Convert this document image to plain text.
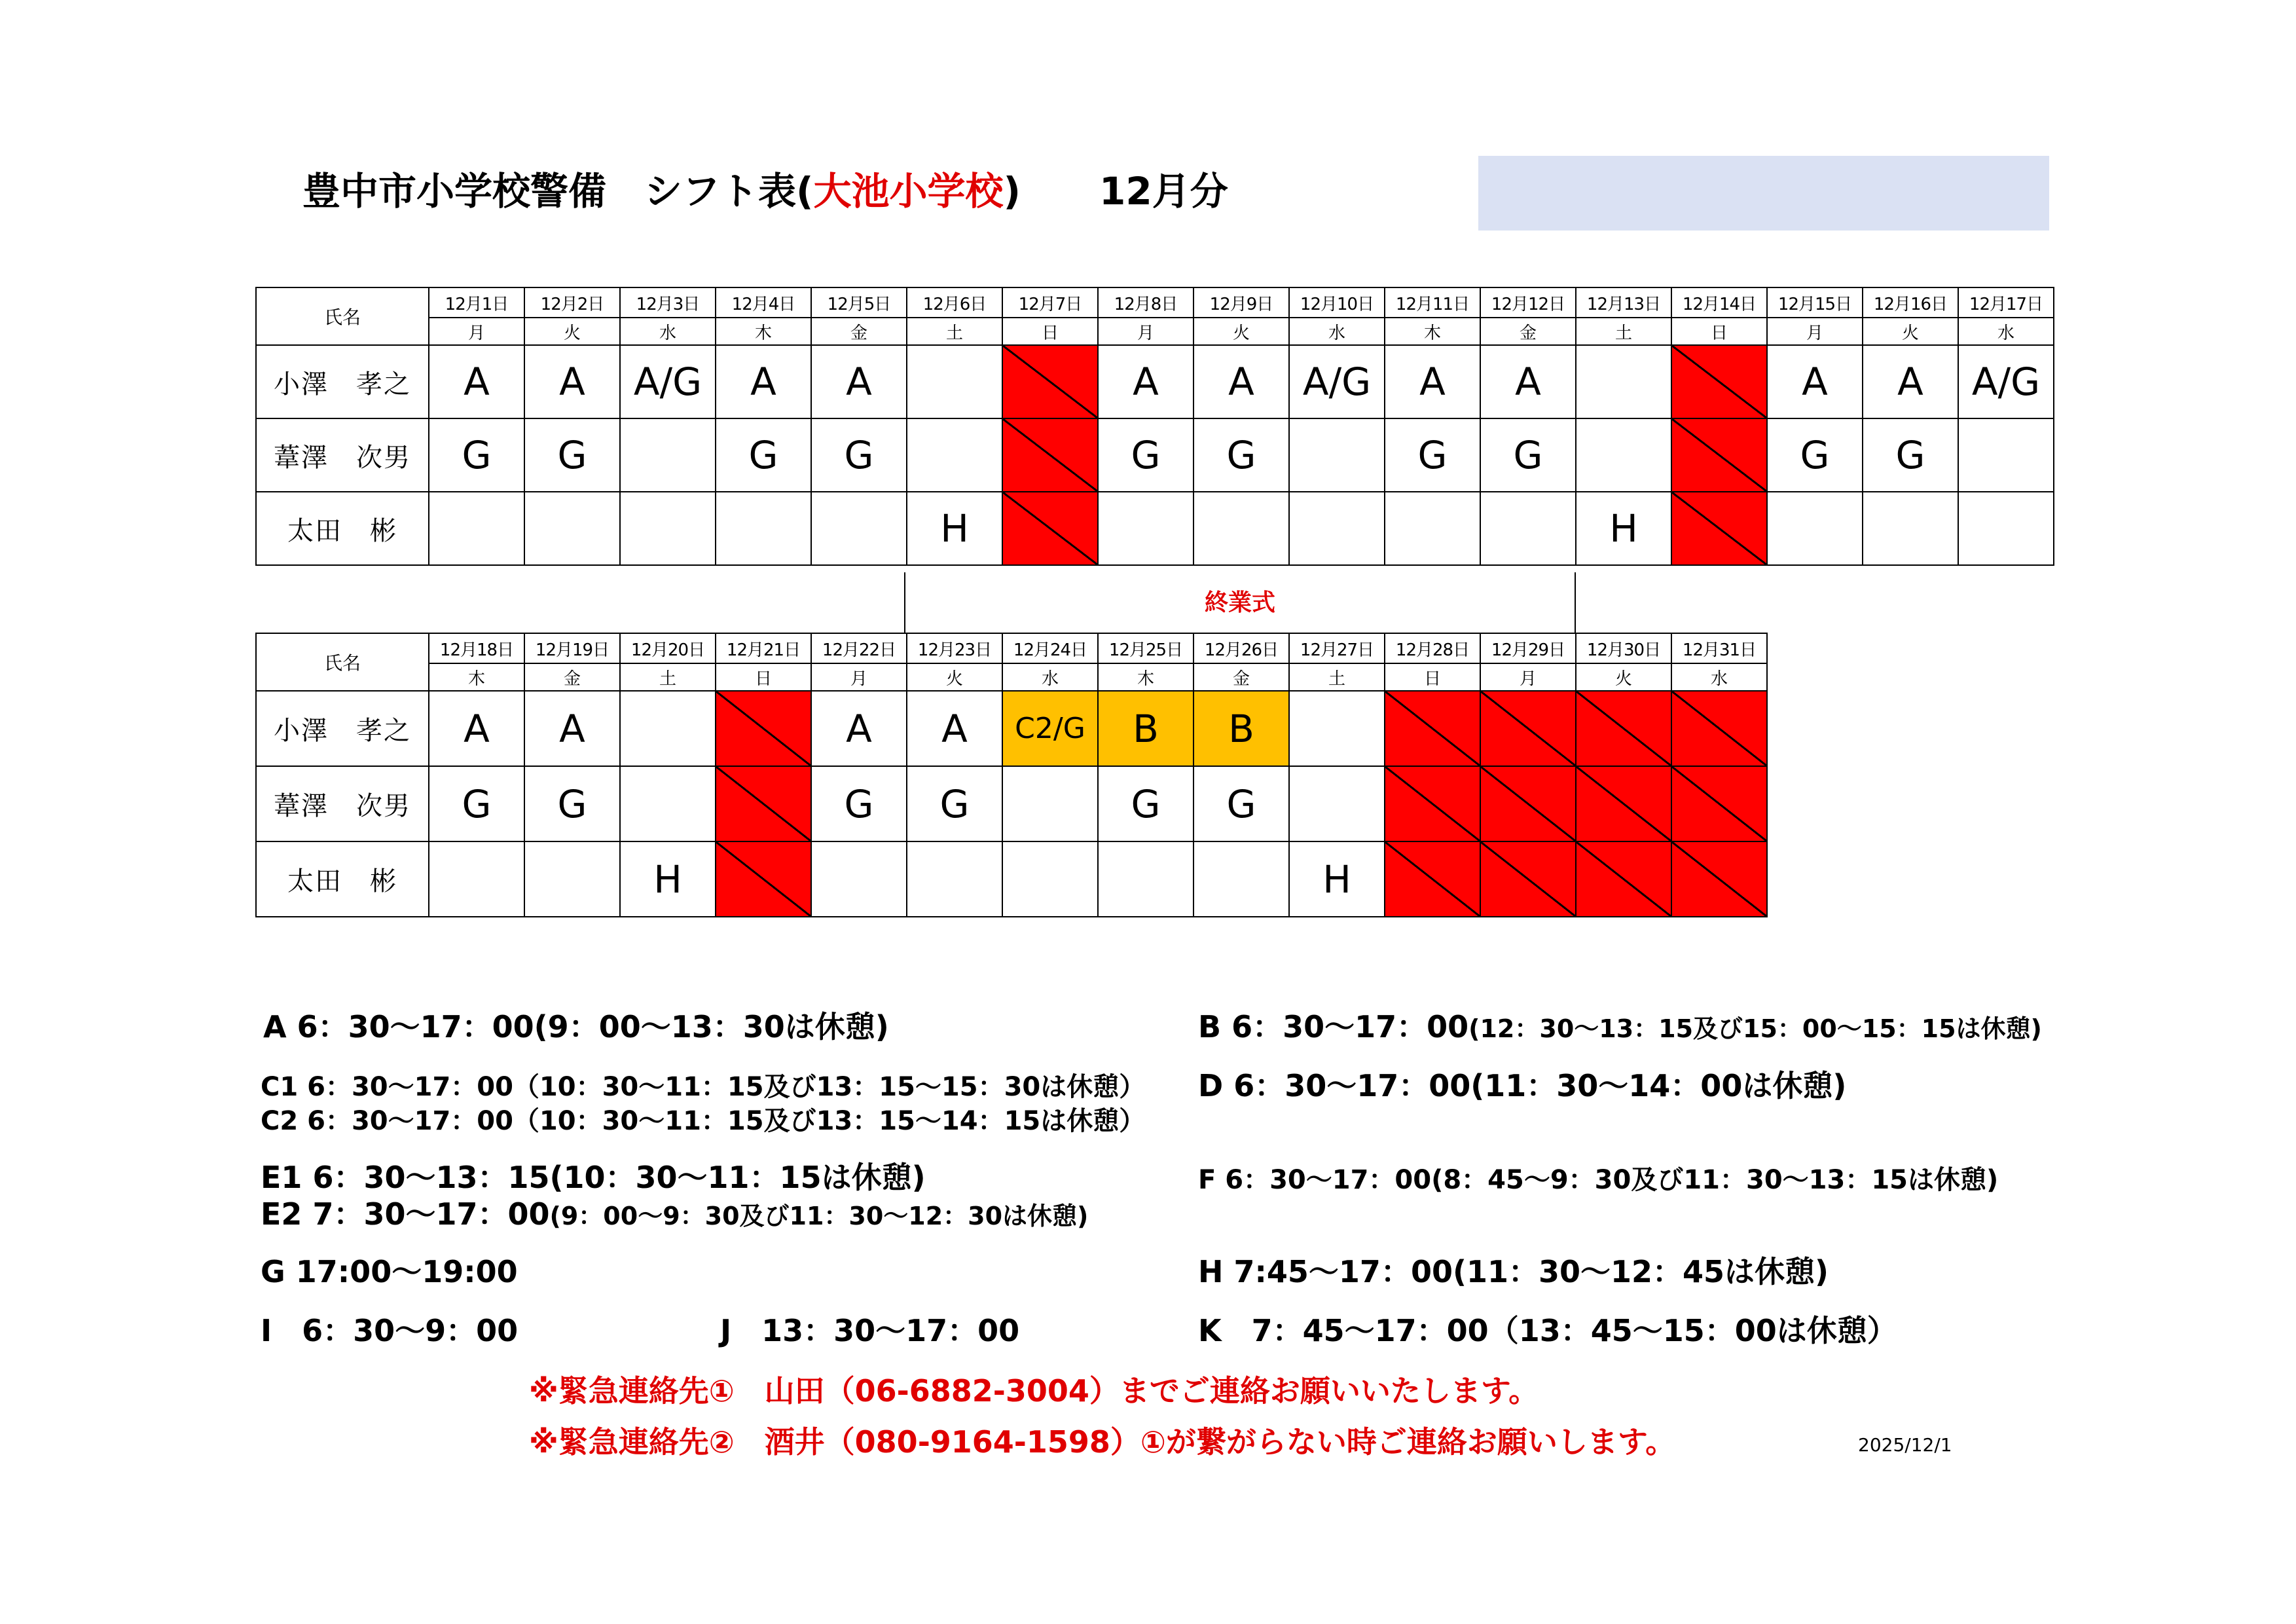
豊中市小学校警備　シフト表(大池小学校) 12月分
氏名	12月1日	12月2日	12月3日	12月4日	12月5日	12月6日	12月7日	12月8日	12月9日	12月10日	12月11日	12月12日	12月13日	12月14日	12月15日	12月16日	12月17日
	月	火	水	木	金	土	日	月	火	水	木	金	土	日	月	火	水
小澤　孝之	A	A	A/G	A	A			A	A	A/G	A	A			A	A	A/G
葦澤　次男	G	G		G	G			G	G		G	G			G	G	
太田　彬						H							H				
終業式
氏名	12月18日	12月19日	12月20日	12月21日	12月22日	12月23日	12月24日	12月25日	12月26日	12月27日	12月28日	12月29日	12月30日	12月31日
	木	金	土	日	月	火	水	木	金	土	日	月	火	水
小澤　孝之	A	A			A	A	C2/G	B	B					
葦澤　次男	G	G			G	G		G	G					
太田　彬			H							H				
A 6：30～17：00(9：00～13：30は休憩)	B 6：30～17：00(12：30～13：15及び15：00～15：15は休憩)
C1 6：30～17：00（10：30～11：15及び13：15～15：30は休憩）
C2 6：30～17：00（10：30～11：15及び13：15～14：15は休憩）
D 6：30～17：00(11：30～14：00は休憩)
E1 6：30～13：15(10：30～11：15は休憩)
E2 7：30～17：00(9：00～9：30及び11：30～12：30は休憩)
F 6：30～17：00(8：45～9：30及び11：30～13：15は休憩)
G 17:00～19:00	H 7:45～17：00(11：30～12：45は休憩)
I　6：30～9：00	J　13：30～17：00	K　7：45～17：00（13：45～15：00は休憩）
※緊急連絡先①　山田（06-6882-3004）までご連絡お願いいたします。
※緊急連絡先②　酒井（080-9164-1598）①が繋がらない時ご連絡お願いします。	2025/12/1
